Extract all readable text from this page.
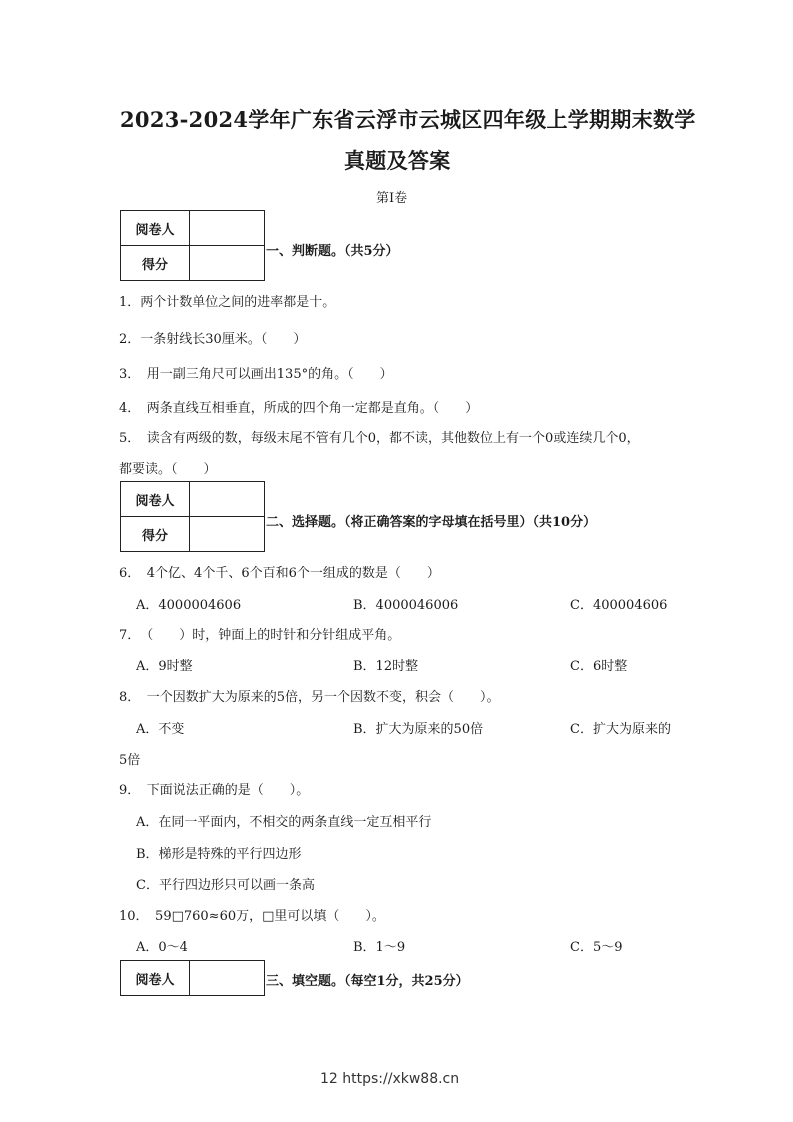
2023-2024学年广东省云浮市云城区四年级上学期期末数学
真题及答案
第Ⅰ卷
阅卷人	
得分	
一、判断题。（共5分）
1．两个计数单位之间的进率都是十。
2．一条射线长30厘米。（　　）
3．　用一副三角尺可以画出135°的角。（　　）
4．　两条直线互相垂直，所成的四个角一定都是直角。（　　）
5．　读含有两级的数，每级末尾不管有几个0，都不读，其他数位上有一个0或连续几个0，
都要读。（　　）
阅卷人	
得分	
二、选择题。（将正确答案的字母填在括号里）（共10分）
6．　4个亿、4个千、6个百和6个一组成的数是（　　）
A．4000004606	B．4000046006	C．400004606
7．　（　　）时，钟面上的时针和分针组成平角。
A．9时整	B．12时整	C．6时整
8．　一个因数扩大为原来的5倍，另一个因数不变，积会（　　）。
A．不变	B．扩大为原来的50倍	C．扩大为原来的
5倍
9．　下面说法正确的是（　　）。
A．在同一平面内，不相交的两条直线一定互相平行
B．梯形是特殊的平行四边形
C．平行四边形只可以画一条高
10．　59□760≈60万，□里可以填（　　）。
A．0～4	B．1～9	C．5～9
阅卷人		三、填空题。（每空1分，共25分）
12 https://xkw88.cn
